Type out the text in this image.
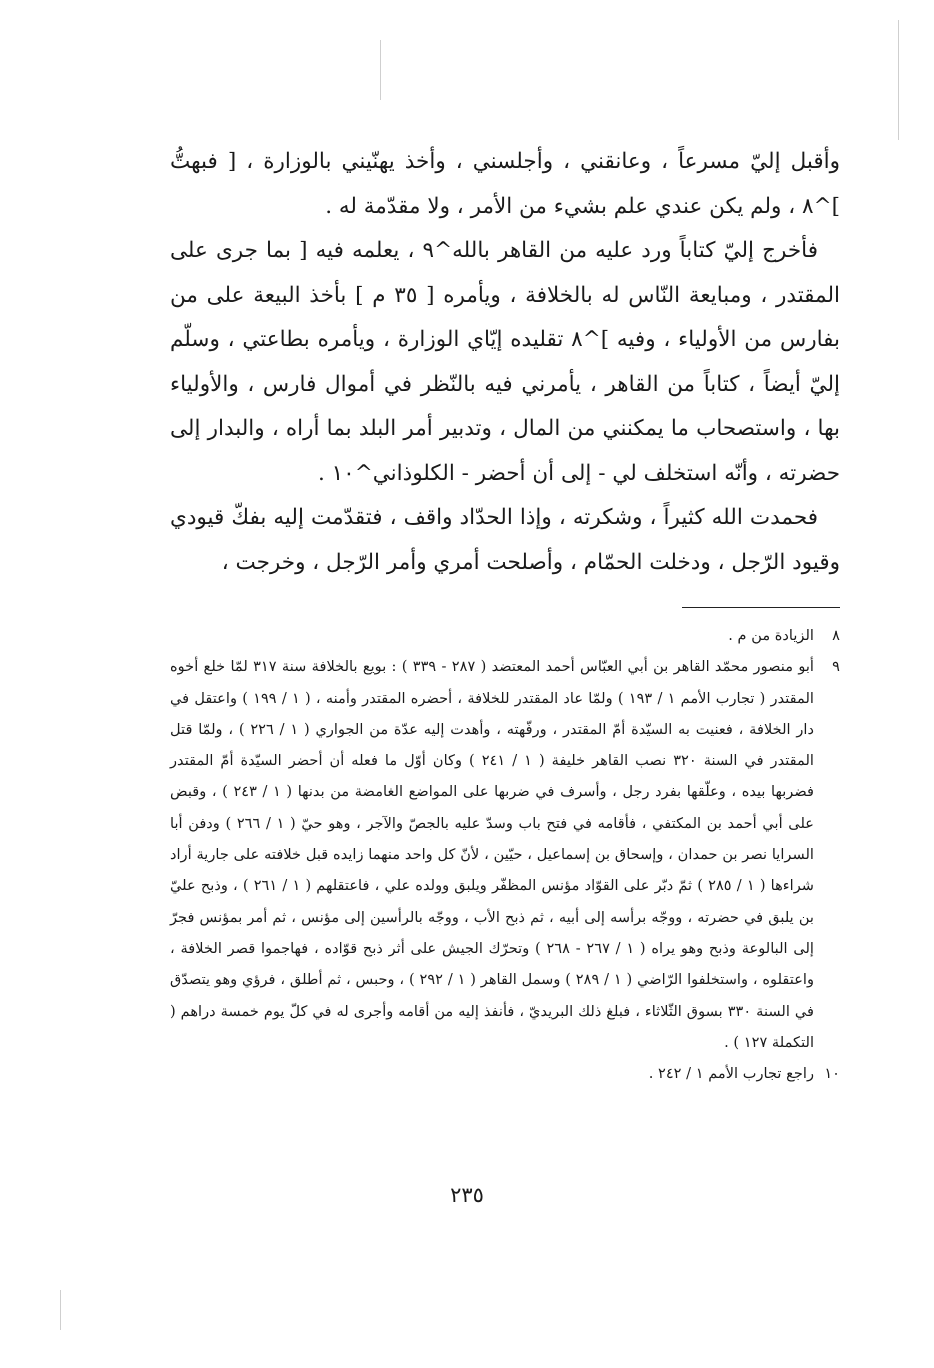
وأقبل إليّ مسرعاً ، وعانقني ، وأجلسني ، وأخذ يهنّيني بالوزارة ، [ فبهتُّ ]^٨ ، ولم يكن عندي علم بشيء من الأمر ، ولا مقدّمة له .

فأخرج إليّ كتاباً ورد عليه من القاهر بالله^٩ ، يعلمه فيه [ بما جرى على المقتدر ، ومبايعة النّاس له بالخلافة ، ويأمره [ ٣٥ م ] بأخذ البيعة على من بفارس من الأولياء ، وفيه ]^٨ تقليده إيّاي الوزارة ، ويأمره بطاعتي ، وسلّم إليّ أيضاً ، كتاباً من القاهر ، يأمرني فيه بالنّظر في أموال فارس ، والأولياء بها ، واستصحاب ما يمكنني من المال ، وتدبير أمر البلد بما أراه ، والبدار إلى حضرته ، وأنّه استخلف لي - إلى أن أحضر - الكلوذاني^١٠ .

فحمدت الله كثيراً ، وشكرته ، وإذا الحدّاد واقف ، فتقدّمت إليه بفكّ قيودي وقيود الرّجل ، ودخلت الحمّام ، وأصلحت أمري وأمر الرّجل ، وخرجت ،

٨
الزيادة من م .
٩
أبو منصور محمّد القاهر بن أبي العبّاس أحمد المعتضد ( ٢٨٧ - ٣٣٩ ) : بويع بالخلافة سنة ٣١٧ لمّا خلع أخوه المقتدر ( تجارب الأمم ١ / ١٩٣ ) ولمّا عاد المقتدر للخلافة ، أحضره المقتدر وأمنه ، ( ١ / ١٩٩ ) واعتقل في دار الخلافة ، فعنيت به السيّدة أمّ المقتدر ، ورفّهته ، وأهدت إليه عدّة من الجواري ( ١ / ٢٢٦ ) ، ولمّا قتل المقتدر في السنة ٣٢٠ نصب القاهر خليفة ( ١ / ٢٤١ ) وكان أوّل ما فعله أن أحضر السيّدة أمّ المقتدر فضربها بيده ، وعلّقها بفرد رجل ، وأسرف في ضربها على المواضع الغامضة من بدنها ( ١ / ٢٤٣ ) ، وقبض على أبي أحمد بن المكتفي ، فأقامه في فتح باب وسدّ عليه بالجصّ والآجر ، وهو حيّ ( ١ / ٢٦٦ ) ودفن أبا السرايا نصر بن حمدان ، وإسحاق بن إسماعيل ، حيّين ، لأنّ كل واحد منهما زايده قبل خلافته على جارية أراد شراءها ( ١ / ٢٨٥ ) ثمّ دبّر على القوّاد مؤنس المظفّر ويلبق وولده علي ، فاعتقلهم ( ١ / ٢٦١ ) ، وذبح عليّ بن يلبق في حضرته ، ووجّه برأسه إلى أبيه ، ثم ذبح الأب ، ووجّه بالرأسين إلى مؤنس ، ثم أمر بمؤنس فجرّ إلى البالوعة وذبح وهو يراه ( ١ / ٢٦٧ - ٢٦٨ ) وتحرّك الجيش على أثر ذبح قوّاده ، فهاجموا قصر الخلافة ، واعتقلوه ، واستخلفوا الرّاضي ( ١ / ٢٨٩ ) وسمل القاهر ( ١ / ٢٩٢ ) ، وحبس ، ثم أطلق ، فرؤي وهو يتصدّق في السنة ٣٣٠ بسوق الثّلاثاء ، فبلغ ذلك البريديّ ، فأنفذ إليه من أقامه وأجرى له في كلّ يوم خمسة دراهم ( التكملة ١٢٧ ) .
١٠
راجع تجارب الأمم ١ / ٢٤٢ .
٢٣٥
